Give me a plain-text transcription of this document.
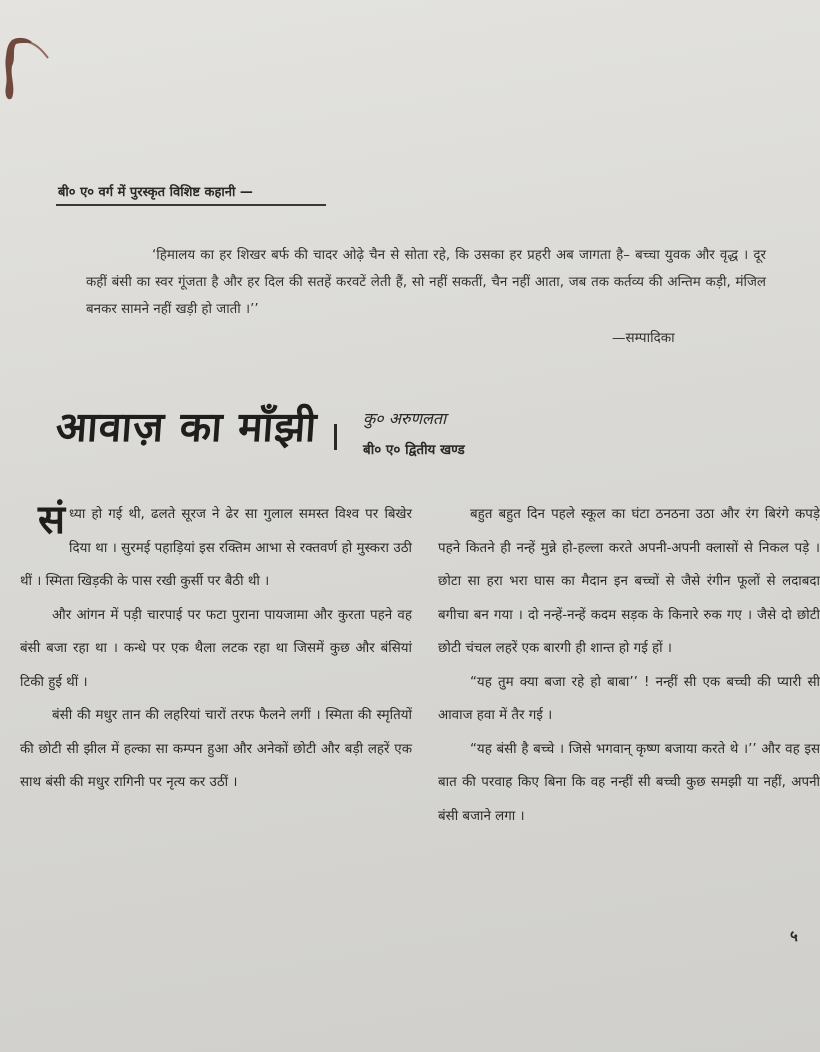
बी० ए० वर्ग में पुरस्कृत विशिष्ट कहानी —

‘हिमालय का हर शिखर बर्फ की चादर ओढ़े चैन से सोता रहे, कि उसका हर प्रहरी अब जागता है– बच्चा युवक और वृद्ध । दूर कहीं बंसी का स्वर गूंजता है और हर दिल की सतहें करवटें लेती हैं, सो नहीं सकतीं, चैन नहीं आता, जब तक कर्तव्य की अन्तिम कड़ी, मंजिल बनकर सामने नहीं खड़ी हो जाती ।’’

—सम्पादिका

आवाज़ का माँझी	कु० अरुणलता

बी० ए० द्वितीय खण्ड

संध्या हो गई थी, ढलते सूरज ने ढेर सा गुलाल समस्त विश्व पर बिखेर दिया था । सुरमई पहाड़ियां इस रक्तिम आभा से रक्तवर्ण हो मुस्करा उठी थीं । स्मिता खिड़की के पास रखी कुर्सी पर बैठी थी ।

और आंगन में पड़ी चारपाई पर फटा पुराना पायजामा और कुरता पहने वह बंसी बजा रहा था । कन्धे पर एक थैला लटक रहा था जिसमें कुछ और बंसियां टिकी हुई थीं ।

बंसी की मधुर तान की लहरियां चारों तरफ फैलने लगीं । स्मिता की स्मृतियों की छोटी सी झील में हल्का सा कम्पन हुआ और अनेकों छोटी और बड़ी लहरें एक साथ बंसी की मधुर रागिनी पर नृत्य कर उठीं ।

बहुत बहुत दिन पहले स्कूल का घंटा ठनठना उठा और रंग बिरंगे कपड़े पहने कितने ही नन्हें मुन्ने हो-हल्ला करते अपनी-अपनी क्लासों से निकल पड़े । छोटा सा हरा भरा घास का मैदान इन बच्चों से जैसे रंगीन फूलों से लदाबदा बगीचा बन गया । दो नन्हें-नन्हें कदम सड़क के किनारे रुक गए । जैसे दो छोटी छोटी चंचल लहरें एक बारगी ही शान्त हो गई हों ।

“यह तुम क्या बजा रहे हो बाबा’’ ! नन्हीं सी एक बच्ची की प्यारी सी आवाज हवा में तैर गई ।

“यह बंसी है बच्चे । जिसे भगवान् कृष्ण बजाया करते थे ।’’ और वह इस बात की परवाह किए बिना कि वह नन्हीं सी बच्ची कुछ समझी या नहीं, अपनी बंसी बजाने लगा ।

५
